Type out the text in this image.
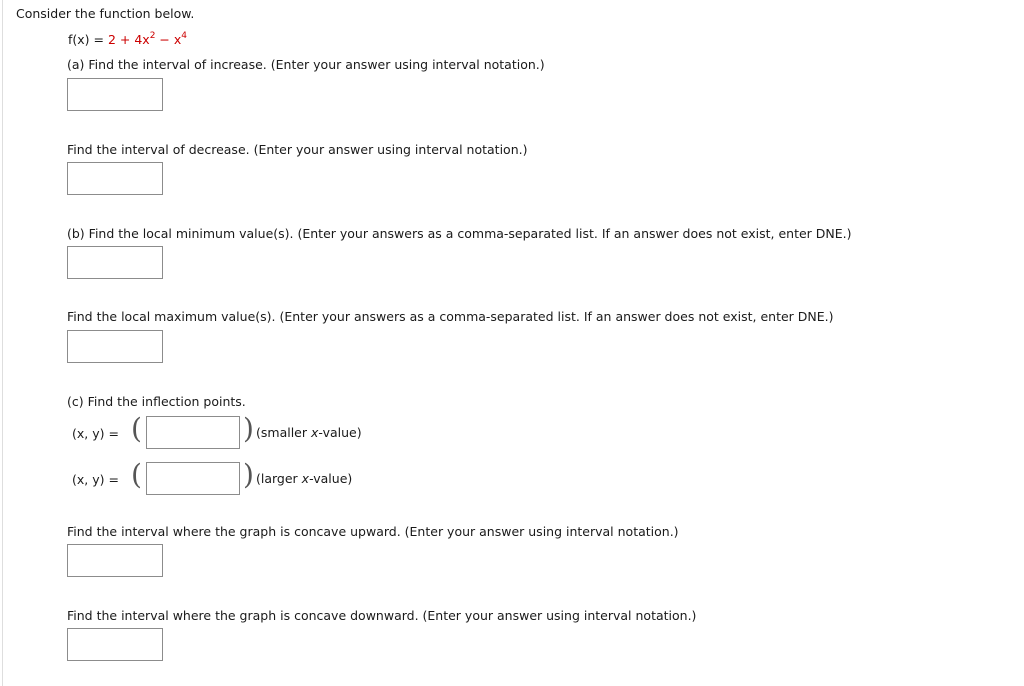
Consider the function below.
$f(x) = 2 + 4x^2 - x^4$
(a) Find the interval of increase. (Enter your answer using interval notation.)
Find the interval of decrease. (Enter your answer using interval notation.)
(b) Find the local minimum value(s). (Enter your answers as a comma-separated list. If an answer does not exist, enter DNE.)
Find the local maximum value(s). (Enter your answers as a comma-separated list. If an answer does not exist, enter DNE.)
(c) Find the inflection points.
(x, y) = (	) (smaller x-value)
(x, y) = (	) (larger x-value)
Find the interval where the graph is concave upward. (Enter your answer using interval notation.)
Find the interval where the graph is concave downward. (Enter your answer using interval notation.)
